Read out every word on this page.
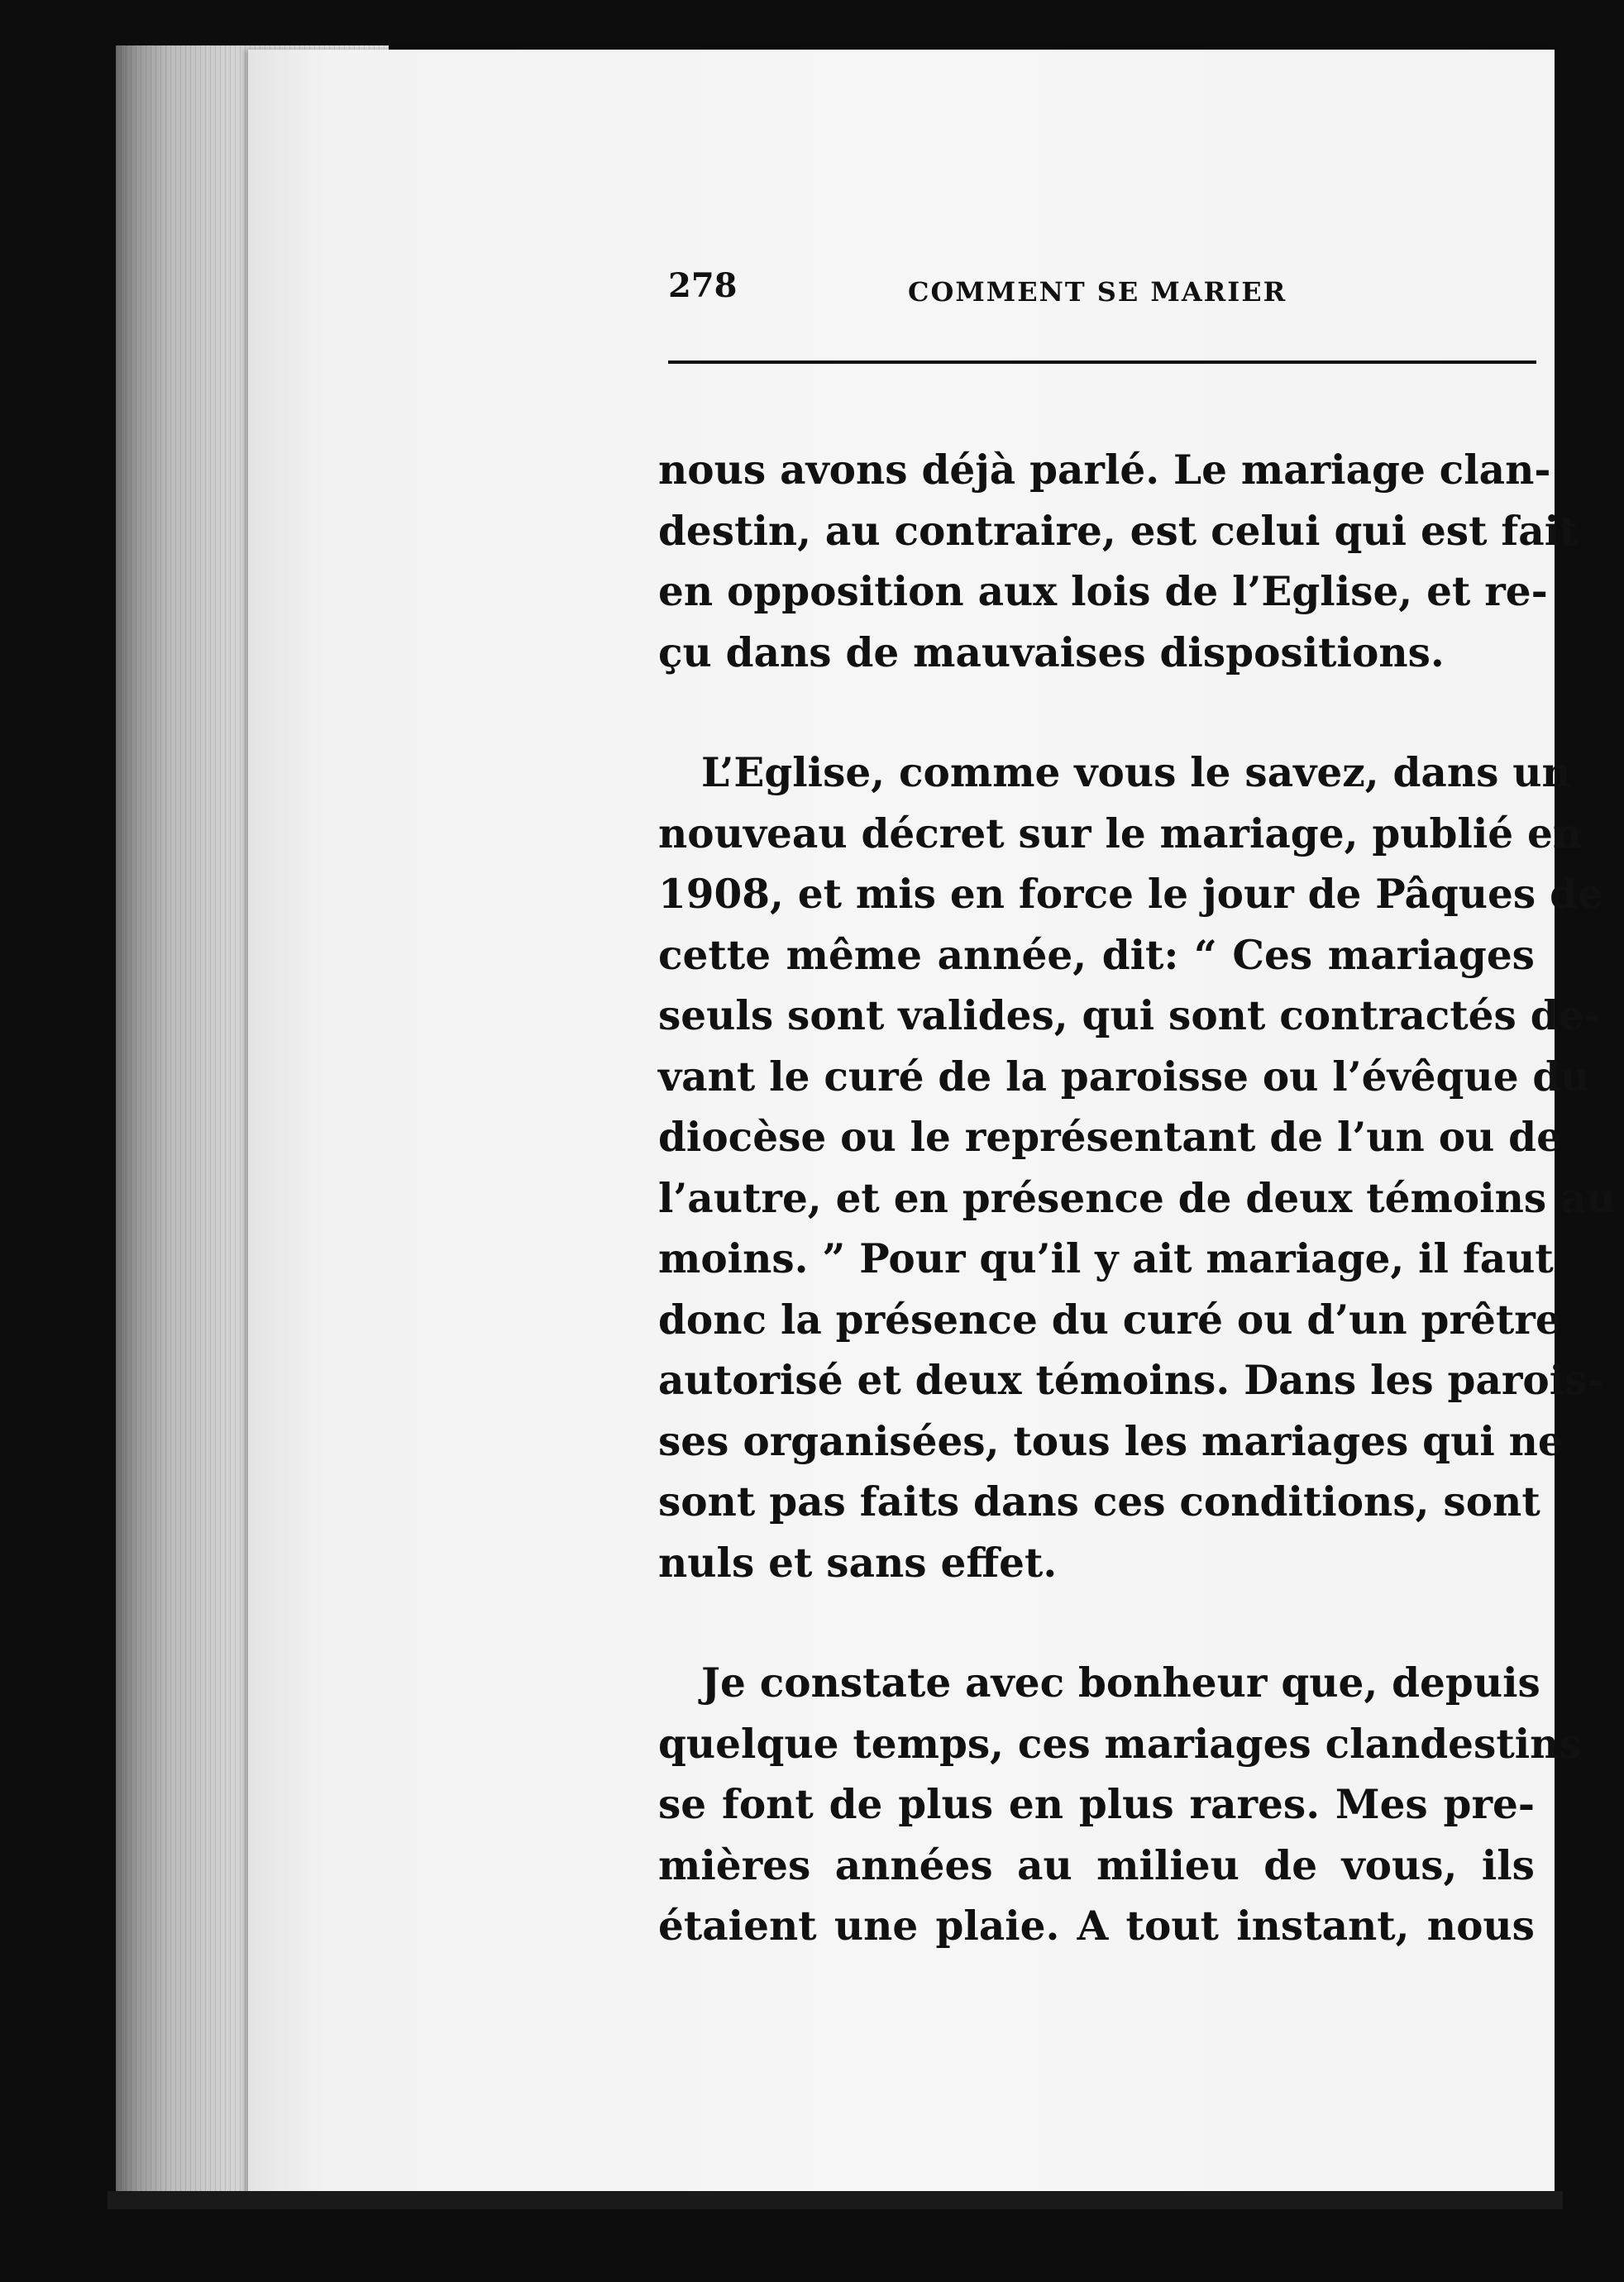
278	COMMENT SE MARIER
nous avons déjà parlé. Le mariage clan-
destin, au contraire, est celui qui est fait
en opposition aux lois de l’Eglise, et re-
çu dans de mauvaises dispositions.
L’Eglise, comme vous le savez, dans un
nouveau décret sur le mariage, publié en
1908, et mis en force le jour de Pâques de
cette même année, dit: “ Ces mariages
seuls sont valides, qui sont contractés de-
vant le curé de la paroisse ou l’évêque du
diocèse ou le représentant de l’un ou de
l’autre, et en présence de deux témoins au
moins. ” Pour qu’il y ait mariage, il faut
donc la présence du curé ou d’un prêtre
autorisé et deux témoins. Dans les parois-
ses organisées, tous les mariages qui ne
sont pas faits dans ces conditions, sont
nuls et sans effet.
Je constate avec bonheur que, depuis
quelque temps, ces mariages clandestins
se font de plus en plus rares. Mes pre-
mières années au milieu de vous, ils
étaient une plaie. A tout instant, nous
